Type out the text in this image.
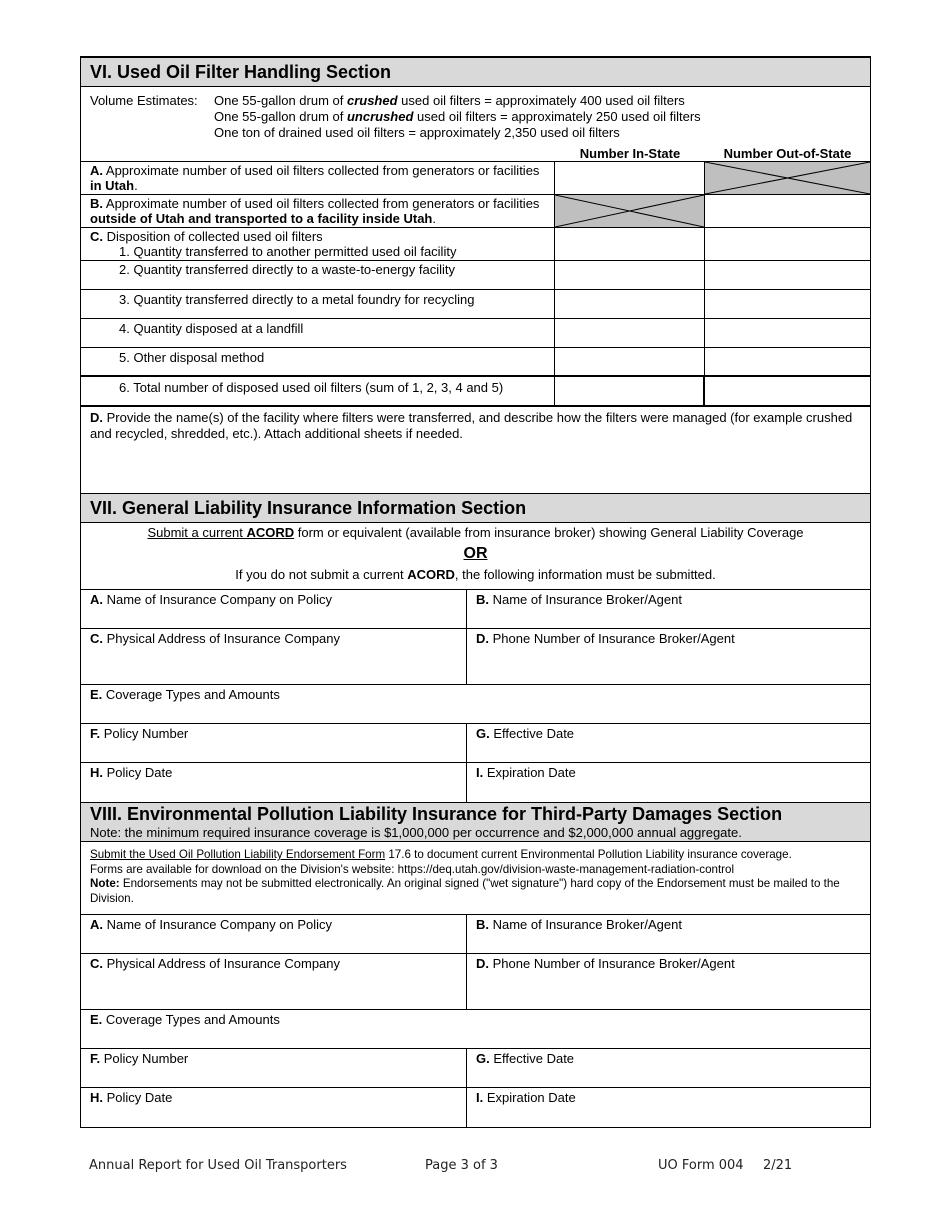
VI. Used Oil Filter Handling Section
Volume Estimates: One 55-gallon drum of crushed used oil filters = approximately 400 used oil filters
One 55-gallon drum of uncrushed used oil filters = approximately 250 used oil filters
One ton of drained used oil filters = approximately 2,350 used oil filters
Number In-State	Number Out-of-State
A. Approximate number of used oil filters collected from generators or facilities in Utah.
B. Approximate number of used oil filters collected from generators or facilities outside of Utah and transported to a facility inside Utah.
C. Disposition of collected used oil filters
1. Quantity transferred to another permitted used oil facility
2. Quantity transferred directly to a waste-to-energy facility
3. Quantity transferred directly to a metal foundry for recycling
4. Quantity disposed at a landfill
5. Other disposal method
6. Total number of disposed used oil filters (sum of 1, 2, 3, 4 and 5)
D. Provide the name(s) of the facility where filters were transferred, and describe how the filters were managed (for example crushed and recycled, shredded, etc.). Attach additional sheets if needed.
VII. General Liability Insurance Information Section
Submit a current ACORD form or equivalent (available from insurance broker) showing General Liability Coverage
OR
If you do not submit a current ACORD, the following information must be submitted.
A. Name of Insurance Company on Policy	B. Name of Insurance Broker/Agent
C. Physical Address of Insurance Company	D. Phone Number of Insurance Broker/Agent
E. Coverage Types and Amounts
F. Policy Number	G. Effective Date
H. Policy Date	I. Expiration Date
VIII. Environmental Pollution Liability Insurance for Third-Party Damages Section
Note: the minimum required insurance coverage is $1,000,000 per occurrence and $2,000,000 annual aggregate.
Submit the Used Oil Pollution Liability Endorsement Form 17.6 to document current Environmental Pollution Liability insurance coverage.
Forms are available for download on the Division's website: https://deq.utah.gov/division-waste-management-radiation-control
Note: Endorsements may not be submitted electronically. An original signed ("wet signature") hard copy of the Endorsement must be mailed to the Division.
A. Name of Insurance Company on Policy	B. Name of Insurance Broker/Agent
C. Physical Address of Insurance Company	D. Phone Number of Insurance Broker/Agent
E. Coverage Types and Amounts
F. Policy Number	G. Effective Date
H. Policy Date	I. Expiration Date
Annual Report for Used Oil Transporters	Page 3 of 3	UO Form 004 2/21
